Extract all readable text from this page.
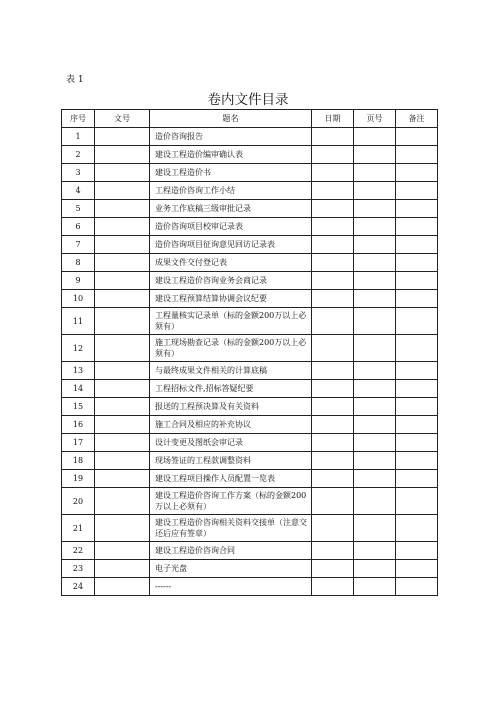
表 1
卷内文件目录
序号	文号	题名	日期	页号	备注
1		造价咨询报告			
2		建设工程造价编审确认表			
3		建设工程造价书			
4		工程造价咨询工作小结			
5		业务工作底稿三级审批记录			
6		造价咨询项目校审记录表			
7		造价咨询项目征询意见回访记录表			
8		成果文件交付登记表			
9		建设工程造价咨询业务会商记录			
10		建设工程预算结算协调会议纪要			
11		工程量核实记录单（标的金额200万以上必须有）			
12		施工现场勘查记录（标的金额200万以上必须有）			
13		与最终成果文件相关的计算底稿			
14		工程招标文件,招标答疑纪要			
15		报送的工程预决算及有关资料			
16		施工合同及相应的补充协议			
17		设计变更及图纸会审记录			
18		现场签证的工程款调整资料			
19		建设工程项目操作人员配置一览表			
20		建设工程造价咨询工作方案（标的金额200万以上必须有）			
21		建设工程造价咨询相关资料交接单（注意交还后应有签章）			
22		建设工程造价咨询合同			
23		电子光盘			
24		------			
